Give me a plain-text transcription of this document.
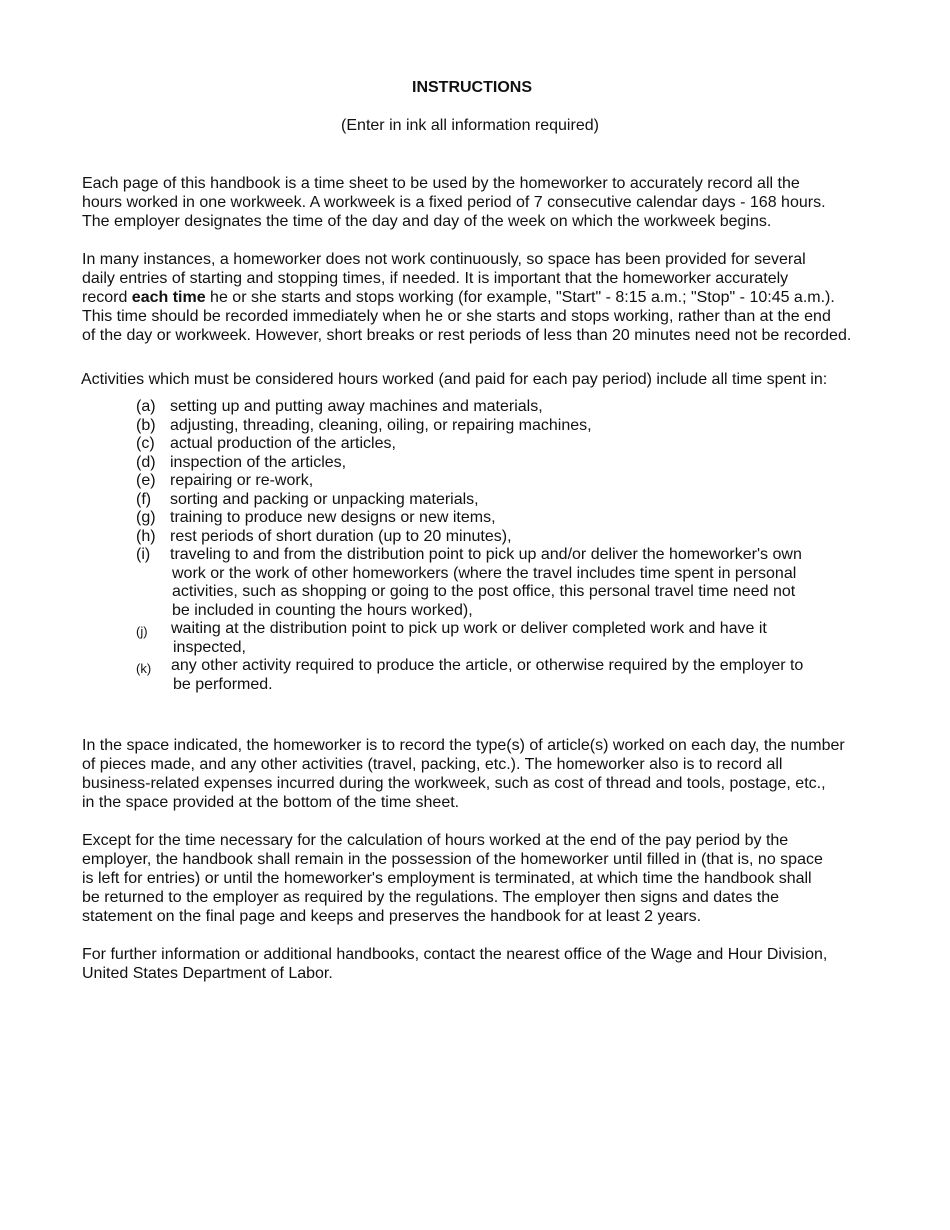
INSTRUCTIONS
(Enter in ink all information required)
Each page of this handbook is a time sheet to be used by the homeworker to accurately record all the
hours worked in one workweek. A workweek is a fixed period of 7 consecutive calendar days - 168 hours.
The employer designates the time of the day and day of the week on which the workweek begins.
In many instances, a homeworker does not work continuously, so space has been provided for several
daily entries of starting and stopping times, if needed. It is important that the homeworker accurately
record each time he or she starts and stops working (for example, "Start" - 8:15 a.m.; "Stop" - 10:45 a.m.).
This time should be recorded immediately when he or she starts and stops working, rather than at the end
of the day or workweek. However, short breaks or rest periods of less than 20 minutes need not be recorded.
Activities which must be considered hours worked (and paid for each pay period) include all time spent in:
(a) setting up and putting away machines and materials,
(b) adjusting, threading, cleaning, oiling, or repairing machines,
(c) actual production of the articles,
(d) inspection of the articles,
(e) repairing or re-work,
(f)	sorting and packing or unpacking materials,
(g) training to produce new designs or new items,
(h) rest periods of short duration (up to 20 minutes),
(i)	traveling to and from the distribution point to pick up and/or deliver the homeworker's own
work or the work of other homeworkers (where the travel includes time spent in personal
activities, such as shopping or going to the post office, this personal travel time need not
be included in counting the hours worked),
(j)	waiting at the distribution point to pick up work or deliver completed work and have it
inspected,
(k)	any other activity required to produce the article, or otherwise required by the employer to
be performed.
In the space indicated, the homeworker is to record the type(s) of article(s) worked on each day, the number
of pieces made, and any other activities (travel, packing, etc.). The homeworker also is to record all
business-related expenses incurred during the workweek, such as cost of thread and tools, postage, etc.,
in the space provided at the bottom of the time sheet.
Except for the time necessary for the calculation of hours worked at the end of the pay period by the
employer, the handbook shall remain in the possession of the homeworker until filled in (that is, no space
is left for entries) or until the homeworker's employment is terminated, at which time the handbook shall
be returned to the employer as required by the regulations. The employer then signs and dates the
statement on the final page and keeps and preserves the handbook for at least 2 years.
For further information or additional handbooks, contact the nearest office of the Wage and Hour Division,
United States Department of Labor.
